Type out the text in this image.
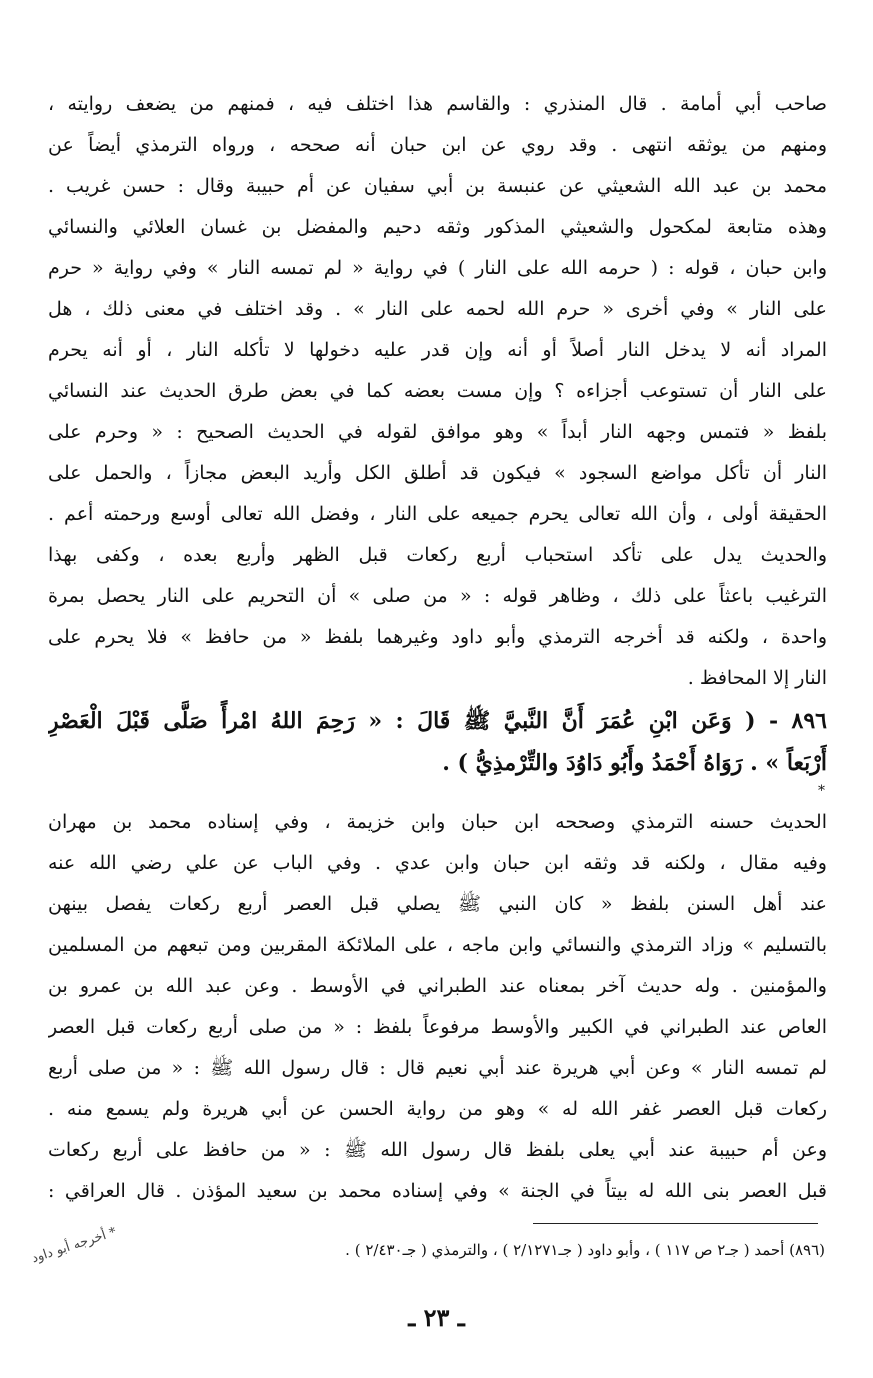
صاحب أبي أمامة . قال المنذري : والقاسم هذا اختلف فيه ، فمنهم من يضعف روايته ،
ومنهم من يوثقه انتهى . وقد روي عن ابن حبان أنه صححه ، ورواه الترمذي أيضاً عن
محمد بن عبد الله الشعيثي عن عنبسة بن أبي سفيان عن أم حبيبة وقال : حسن غريب .
وهذه متابعة لمكحول والشعيثي المذكور وثقه دحيم والمفضل بن غسان العلائي والنسائي
وابن حبان ، قوله : ( حرمه الله على النار ) في رواية « لم تمسه النار » وفي رواية « حرم
على النار » وفي أخرى « حرم الله لحمه على النار » . وقد اختلف في معنى ذلك ، هل
المراد أنه لا يدخل النار أصلاً أو أنه وإن قدر عليه دخولها لا تأكله النار ، أو أنه يحرم
على النار أن تستوعب أجزاءه ؟ وإن مست بعضه كما في بعض طرق الحديث عند النسائي
بلفظ « فتمس وجهه النار أبداً » وهو موافق لقوله في الحديث الصحيح : « وحرم على
النار أن تأكل مواضع السجود » فيكون قد أطلق الكل وأريد البعض مجازاً ، والحمل على
الحقيقة أولى ، وأن الله تعالى يحرم جميعه على النار ، وفضل الله تعالى أوسع ورحمته أعم .
والحديث يدل على تأكد استحباب أربع ركعات قبل الظهر وأربع بعده ، وكفى بهذا
الترغيب باعثاً على ذلك ، وظاهر قوله : « من صلى » أن التحريم على النار يحصل بمرة
واحدة ، ولكنه قد أخرجه الترمذي وأبو داود وغيرهما بلفظ « من حافظ » فلا يحرم على
النار إلا المحافظ .
٨٩٦ - ( وَعَن ابْنِ عُمَرَ أَنَّ النَّبيَّ ﷺ قَالَ : « رَحِمَ اللهُ امْرأً صَلَّى قَبْلَ الْعَصْرِ
أَرْبَعاً » . رَوَاهُ أَحْمَدُ وأَبُو دَاوُدَ والتِّرْمذِيُّ ) .
*
الحديث حسنه الترمذي وصححه ابن حبان وابن خزيمة ، وفي إسناده محمد بن مهران
وفيه مقال ، ولكنه قد وثقه ابن حبان وابن عدي . وفي الباب عن علي رضي الله عنه
عند أهل السنن بلفظ « كان النبي ﷺ يصلي قبل العصر أربع ركعات يفصل بينهن
بالتسليم » وزاد الترمذي والنسائي وابن ماجه ، على الملائكة المقربين ومن تبعهم من المسلمين
والمؤمنين . وله حديث آخر بمعناه عند الطبراني في الأوسط . وعن عبد الله بن عمرو بن
العاص عند الطبراني في الكبير والأوسط مرفوعاً بلفظ : « من صلى أربع ركعات قبل العصر
لم تمسه النار » وعن أبي هريرة عند أبي نعيم قال : قال رسول الله ﷺ : « من صلى أربع
ركعات قبل العصر غفر الله له » وهو من رواية الحسن عن أبي هريرة ولم يسمع منه .
وعن أم حبيبة عند أبي يعلى بلفظ قال رسول الله ﷺ : « من حافظ على أربع ركعات
قبل العصر بنى الله له بيتاً في الجنة » وفي إسناده محمد بن سعيد المؤذن . قال العراقي :
(٨٩٦) أحمد ( جـ٢ ص ١١٧ ) ، وأبو داود ( جـ٢/١٢٧١ ) ، والترمذي ( جـ٢/٤٣٠ ) .
* أخرجه أبو داود
ـ ٢٣ ـ
